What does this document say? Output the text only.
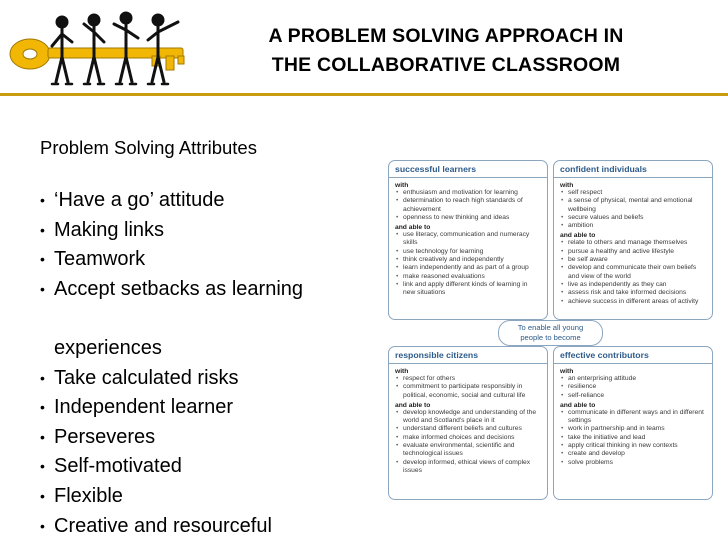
A PROBLEM SOLVING APPROACH IN
THE COLLABORATIVE CLASSROOM
Problem Solving Attributes
• ‘Have a go’ attitude
• Making links
• Teamwork
• Accept setbacks as learning
experiences
• Take calculated risks
• Independent learner
• Perseveres
• Self-motivated
• Flexible
• Creative and resourceful
successful learners
with
• enthusiasm and motivation for learning
• determination to reach high standards of achievement
• openness to new thinking and ideas
and able to
• use literacy, communication and numeracy skills
• use technology for learning
• think creatively and independently
• learn independently and as part of a group
• make reasoned evaluations
• link and apply different kinds of learning in new situations
confident individuals
with
• self respect
• a sense of physical, mental and emotional wellbeing
• secure values and beliefs
• ambition
and able to
• relate to others and manage themselves
• pursue a healthy and active lifestyle
• be self aware
• develop and communicate their own beliefs and view of the world
• live as independently as they can
• assess risk and take informed decisions
• achieve success in different areas of activity
To enable all young
people to become
responsible citizens
with
• respect for others
• commitment to participate responsibly in political, economic, social and cultural life
and able to
• develop knowledge and understanding of the world and Scotland's place in it
• understand different beliefs and cultures
• make informed choices and decisions
• evaluate environmental, scientific and technological issues
• develop informed, ethical views of complex issues
effective contributors
with
• an enterprising attitude
• resilience
• self-reliance
and able to
• communicate in different ways and in different settings
• work in partnership and in teams
• take the initiative and lead
• apply critical thinking in new contexts
• create and develop
• solve problems
